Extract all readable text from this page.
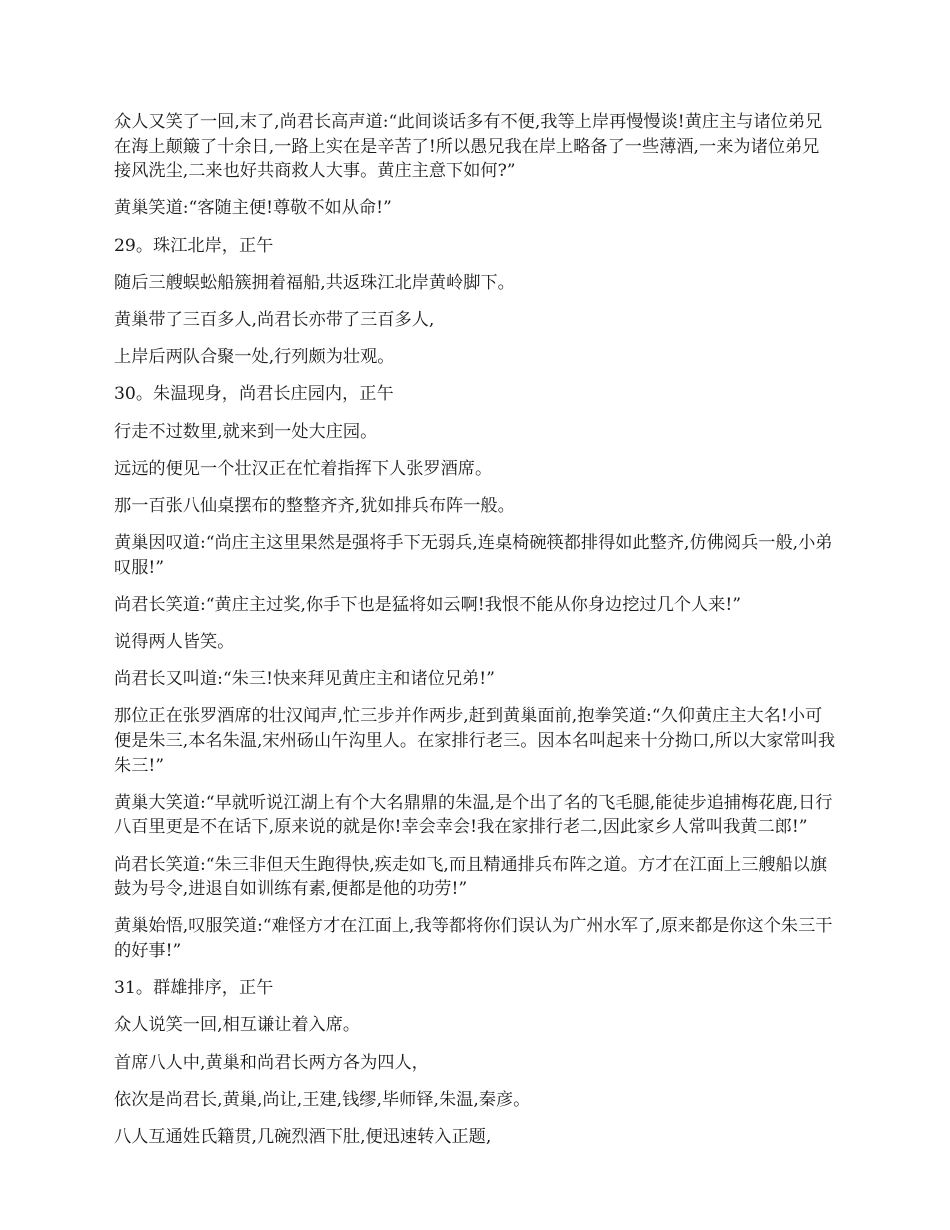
众人又笑了一回,末了,尚君长高声道:“此间谈话多有不便,我等上岸再慢慢谈!黄庄主与诸位弟兄在海上颠簸了十余日,一路上实在是辛苦了!所以愚兄我在岸上略备了一些薄酒,一来为诸位弟兄接风洗尘,二来也好共商救人大事。黄庄主意下如何?”

黄巢笑道:“客随主便!尊敬不如从命!”

29。珠江北岸，正午

随后三艘蜈蚣船簇拥着福船,共返珠江北岸黄岭脚下。

黄巢带了三百多人,尚君长亦带了三百多人,

上岸后两队合聚一处,行列颇为壮观。

30。朱温现身，尚君长庄园内，正午

行走不过数里,就来到一处大庄园。

远远的便见一个壮汉正在忙着指挥下人张罗酒席。

那一百张八仙桌摆布的整整齐齐,犹如排兵布阵一般。

黄巢因叹道:“尚庄主这里果然是强将手下无弱兵,连桌椅碗筷都排得如此整齐,仿佛阅兵一般,小弟叹服!”

尚君长笑道:“黄庄主过奖,你手下也是猛将如云啊!我恨不能从你身边挖过几个人来!”

说得两人皆笑。

尚君长又叫道:“朱三!快来拜见黄庄主和诸位兄弟!”

那位正在张罗酒席的壮汉闻声,忙三步并作两步,赶到黄巢面前,抱拳笑道:“久仰黄庄主大名!小可便是朱三,本名朱温,宋州砀山午沟里人。在家排行老三。因本名叫起来十分拗口,所以大家常叫我朱三!”

黄巢大笑道:“早就听说江湖上有个大名鼎鼎的朱温,是个出了名的飞毛腿,能徒步追捕梅花鹿,日行八百里更是不在话下,原来说的就是你!幸会幸会!我在家排行老二,因此家乡人常叫我黄二郎!”

尚君长笑道:“朱三非但天生跑得快,疾走如飞,而且精通排兵布阵之道。方才在江面上三艘船以旗鼓为号令,进退自如训练有素,便都是他的功劳!”

黄巢始悟,叹服笑道:“难怪方才在江面上,我等都将你们误认为广州水军了,原来都是你这个朱三干的好事!”

31。群雄排序，正午

众人说笑一回,相互谦让着入席。

首席八人中,黄巢和尚君长两方各为四人，

依次是尚君长,黄巢,尚让,王建,钱缪,毕师铎,朱温,秦彦。

八人互通姓氏籍贯,几碗烈酒下肚,便迅速转入正题,
